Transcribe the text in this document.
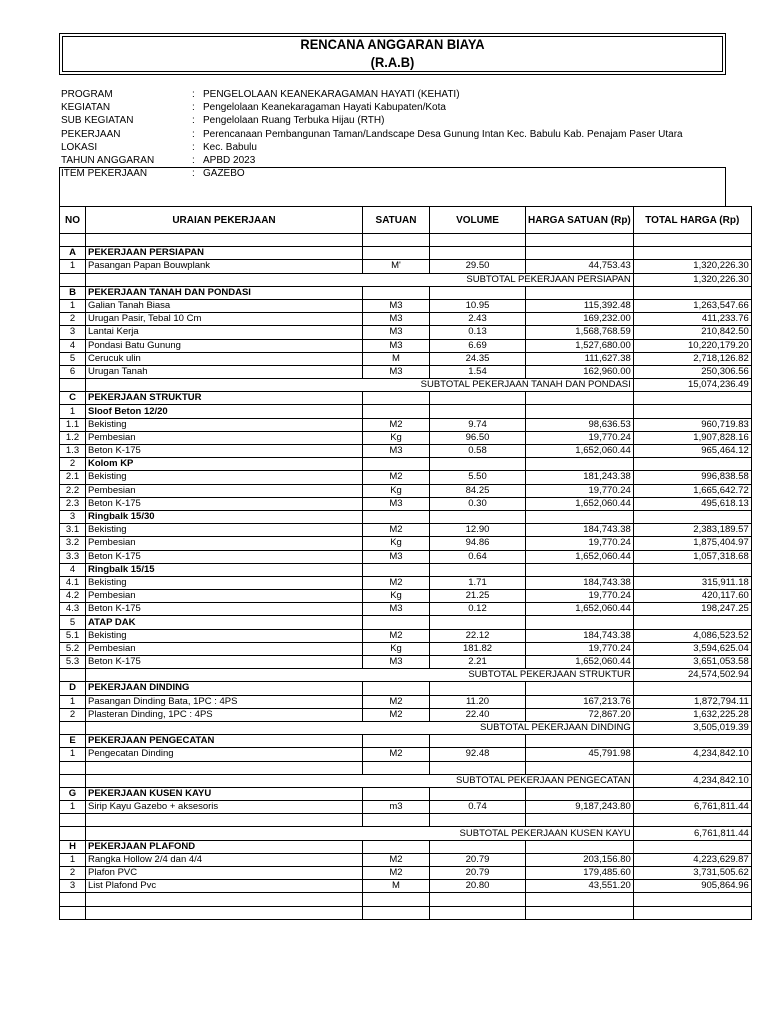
RENCANA ANGGARAN BIAYA
(R.A.B)
PROGRAM	: PENGELOLAAN KEANEKARAGAMAN HAYATI (KEHATI)
KEGIATAN	: Pengelolaan Keanekaragaman Hayati Kabupaten/Kota
SUB KEGIATAN	: Pengelolaan Ruang Terbuka Hijau (RTH)
PEKERJAAN	: Perencanaan Pembangunan Taman/Landscape Desa Gunung Intan Kec. Babulu Kab. Penajam Paser Utara
LOKASI	: Kec. Babulu
TAHUN ANGGARAN	: APBD 2023
ITEM PEKERJAAN	: GAZEBO
NO	URAIAN PEKERJAAN	SATUAN	VOLUME	HARGA SATUAN (Rp)	TOTAL HARGA (Rp)

A	PEKERJAAN PERSIAPAN				
1	Pasangan Papan Bouwplank	M'	29.50	44,753.43	1,320,226.30
	SUBTOTAL PEKERJAAN PERSIAPAN				1,320,226.30
B	PEKERJAAN TANAH DAN PONDASI				
1	Galian Tanah Biasa	M3	10.95	115,392.48	1,263,547.66
2	Urugan Pasir, Tebal 10 Cm	M3	2.43	169,232.00	411,233.76
3	Lantai Kerja	M3	0.13	1,568,768.59	210,842.50
4	Pondasi Batu Gunung	M3	6.69	1,527,680.00	10,220,179.20
5	Cerucuk ulin	M	24.35	111,627.38	2,718,126.82
6	Urugan Tanah	M3	1.54	162,960.00	250,306.56
	SUBTOTAL PEKERJAAN TANAH DAN PONDASI				15,074,236.49
C	PEKERJAAN STRUKTUR				
1	Sloof Beton 12/20				
1.1	Bekisting	M2	9.74	98,636.53	960,719.83
1.2	Pembesian	Kg	96.50	19,770.24	1,907,828.16
1.3	Beton K-175	M3	0.58	1,652,060.44	965,464.12
2	Kolom KP				
2.1	Bekisting	M2	5.50	181,243.38	996,838.58
2.2	Pembesian	Kg	84.25	19,770.24	1,665,642.72
2.3	Beton K-175	M3	0.30	1,652,060.44	495,618.13
3	Ringbalk 15/30				
3.1	Bekisting	M2	12.90	184,743.38	2,383,189.57
3.2	Pembesian	Kg	94.86	19,770.24	1,875,404.97
3.3	Beton K-175	M3	0.64	1,652,060.44	1,057,318.68
4	Ringbalk 15/15				
4.1	Bekisting	M2	1.71	184,743.38	315,911.18
4.2	Pembesian	Kg	21.25	19,770.24	420,117.60
4.3	Beton K-175	M3	0.12	1,652,060.44	198,247.25
5	ATAP DAK				
5.1	Bekisting	M2	22.12	184,743.38	4,086,523.52
5.2	Pembesian	Kg	181.82	19,770.24	3,594,625.04
5.3	Beton K-175	M3	2.21	1,652,060.44	3,651,053.58
	SUBTOTAL PEKERJAAN STRUKTUR				24,574,502.94
D	PEKERJAAN DINDING				
1	Pasangan Dinding Bata, 1PC : 4PS	M2	11.20	167,213.76	1,872,794.11
2	Plasteran Dinding, 1PC : 4PS	M2	22.40	72,867.20	1,632,225.28
	SUBTOTAL PEKERJAAN DINDING				3,505,019.39
E	PEKERJAAN PENGECATAN				
1	Pengecatan Dinding	M2	92.48	45,791.98	4,234,842.10

	SUBTOTAL PEKERJAAN PENGECATAN				4,234,842.10
G	PEKERJAAN KUSEN KAYU				
1	Sirip Kayu Gazebo + aksesoris	m3	0.74	9,187,243.80	6,761,811.44

	SUBTOTAL PEKERJAAN KUSEN KAYU				6,761,811.44
H	PEKERJAAN PLAFOND				
1	Rangka Hollow 2/4 dan 4/4	M2	20.79	203,156.80	4,223,629.87
2	Plafon PVC	M2	20.79	179,485.60	3,731,505.62
3	List Plafond Pvc	M	20.80	43,551.20	905,864.96
